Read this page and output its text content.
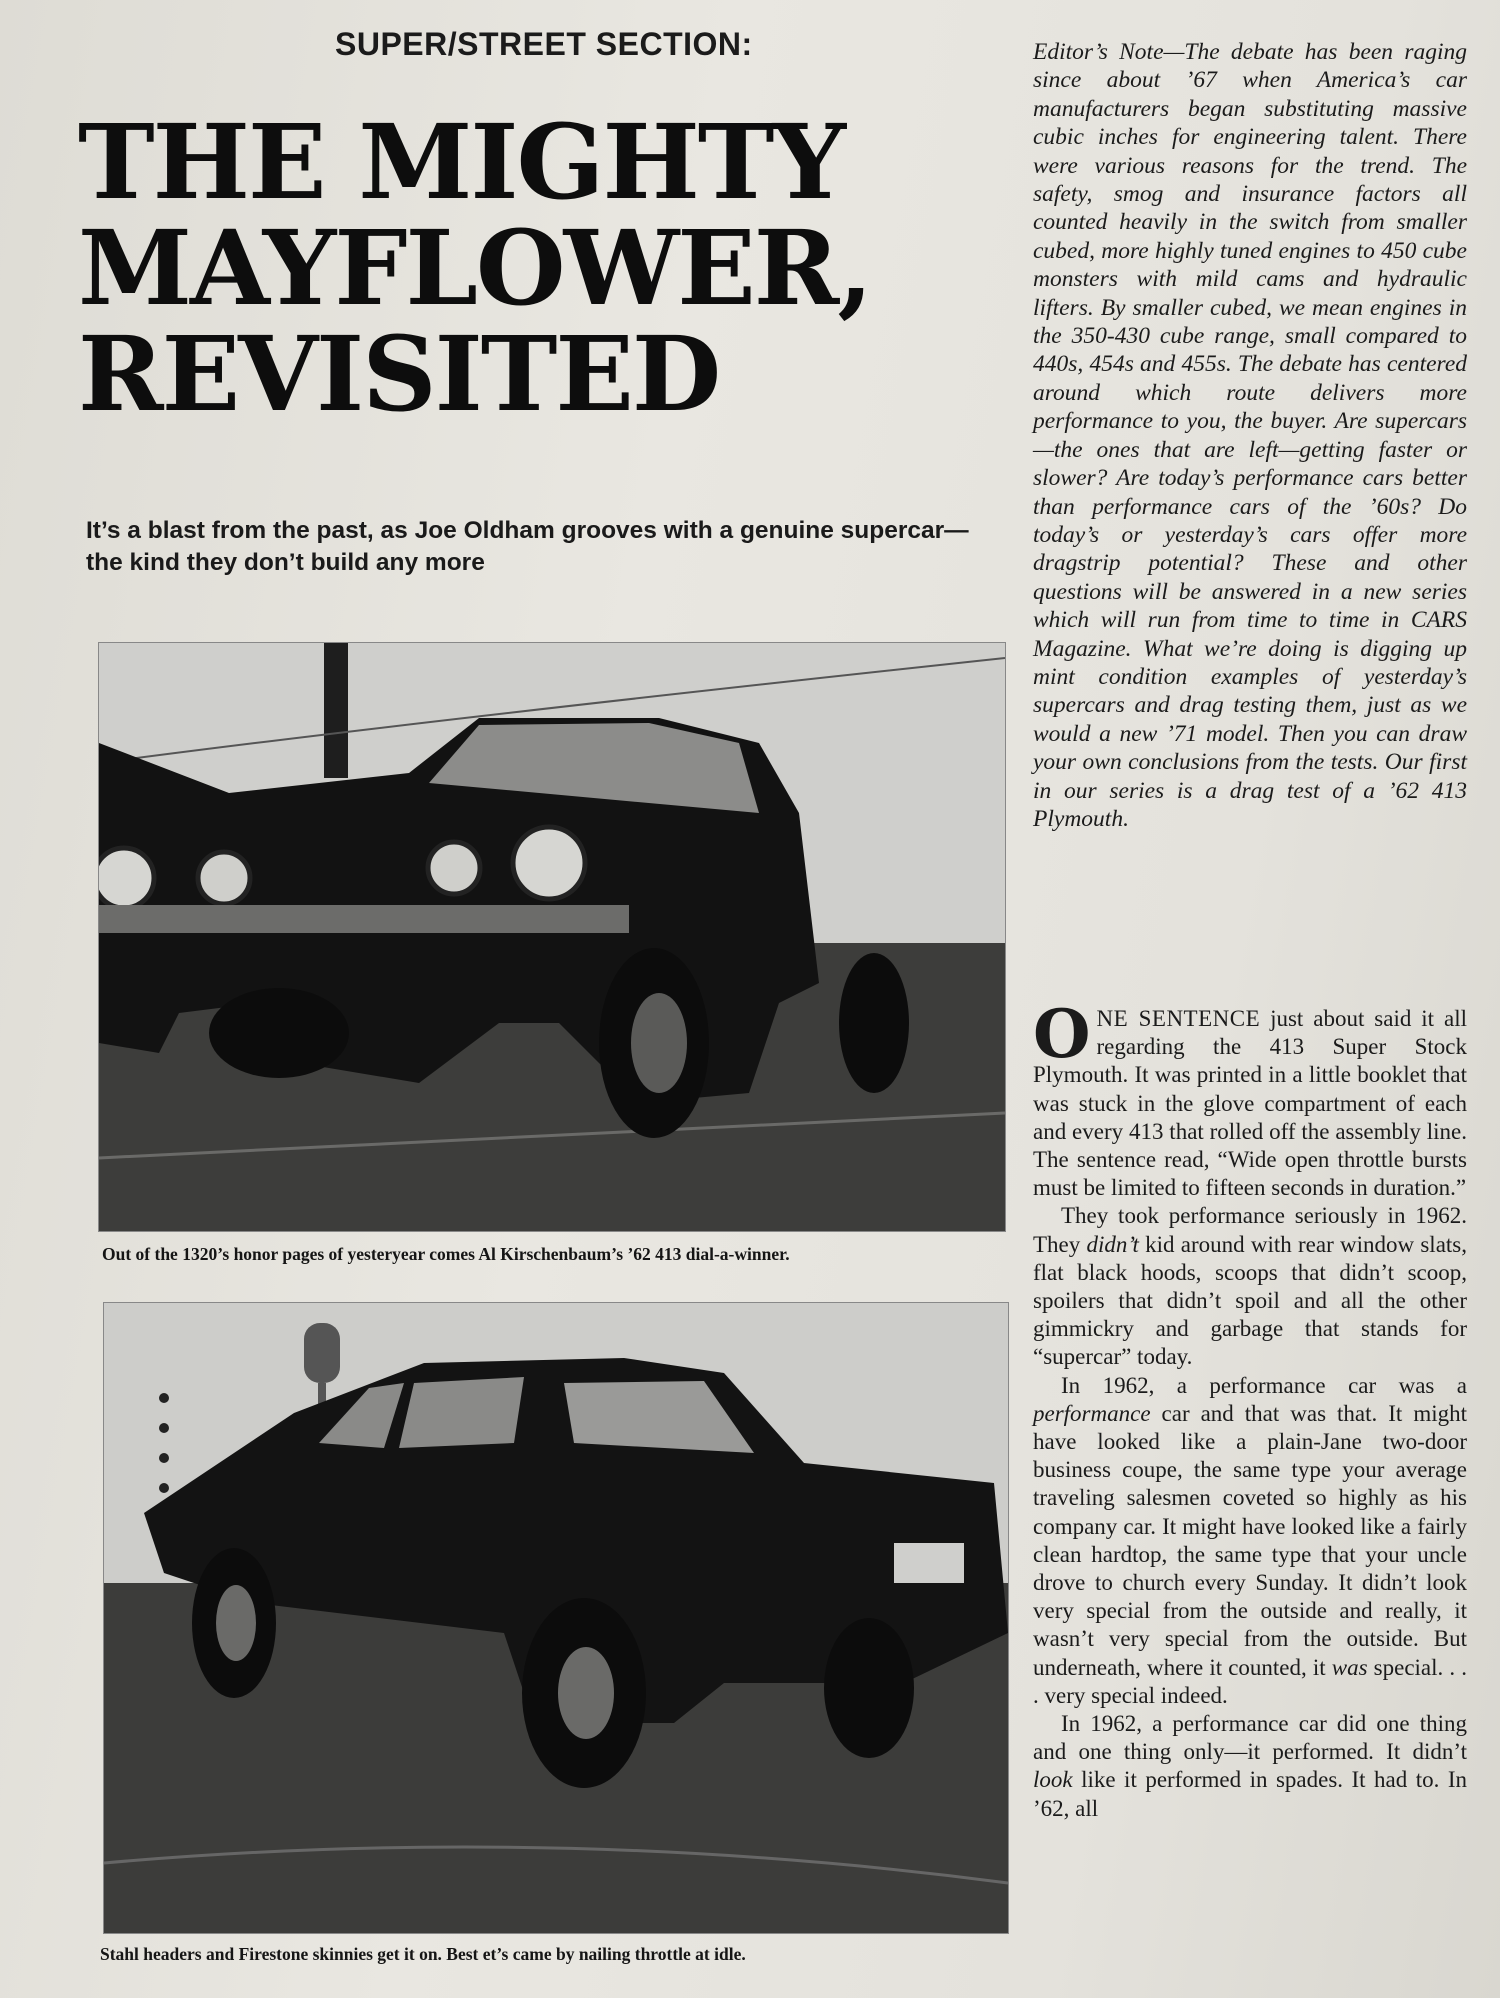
SUPER/STREET SECTION:
THE MIGHTY
MAYFLOWER,
REVISITED
It’s a blast from the past, as Joe Oldham grooves with a genuine supercar—the kind they don’t build any more
Out of the 1320’s honor pages of yesteryear comes Al Kirschenbaum’s ’62 413 dial-a-winner.
Stahl headers and Firestone skinnies get it on. Best et’s came by nailing throttle at idle.
Editor’s Note—The debate has been raging since about ’67 when America’s car manufacturers began substituting massive cubic inches for engineering talent. There were various reasons for the trend. The safety, smog and insurance factors all counted heavily in the switch from smaller cubed, more highly tuned engines to 450 cube monsters with mild cams and hydraulic lifters. By smaller cubed, we mean engines in the 350-430 cube range, small compared to 440s, 454s and 455s. The debate has centered around which route delivers more performance to you, the buyer. Are supercars—the ones that are left—getting faster or slower? Are today’s performance cars better than performance cars of the ’60s? Do today’s or yesterday’s cars offer more dragstrip potential? These and other questions will be answered in a new series which will run from time to time in CARS Magazine. What we’re doing is digging up mint condition examples of yesterday’s supercars and drag testing them, just as we would a new ’71 model. Then you can draw your own conclusions from the tests. Our first in our series is a drag test of a ’62 413 Plymouth.

ONE SENTENCE just about said it all regarding the 413 Super Stock Plymouth. It was printed in a little booklet that was stuck in the glove compartment of each and every 413 that rolled off the assembly line. The sentence read, “Wide open throttle bursts must be limited to fifteen seconds in duration.”

They took performance seriously in 1962. They didn’t kid around with rear window slats, flat black hoods, scoops that didn’t scoop, spoilers that didn’t spoil and all the other gimmickry and garbage that stands for “supercar” today.

In 1962, a performance car was a performance car and that was that. It might have looked like a plain-Jane two-door business coupe, the same type your average traveling salesmen coveted so highly as his company car. It might have looked like a fairly clean hardtop, the same type that your uncle drove to church every Sunday. It didn’t look very special from the outside and really, it wasn’t very special from the outside. But underneath, where it counted, it was special. . . . very special indeed.

In 1962, a performance car did one thing and one thing only—it performed. It didn’t look like it performed in spades. It had to. In ’62, all
